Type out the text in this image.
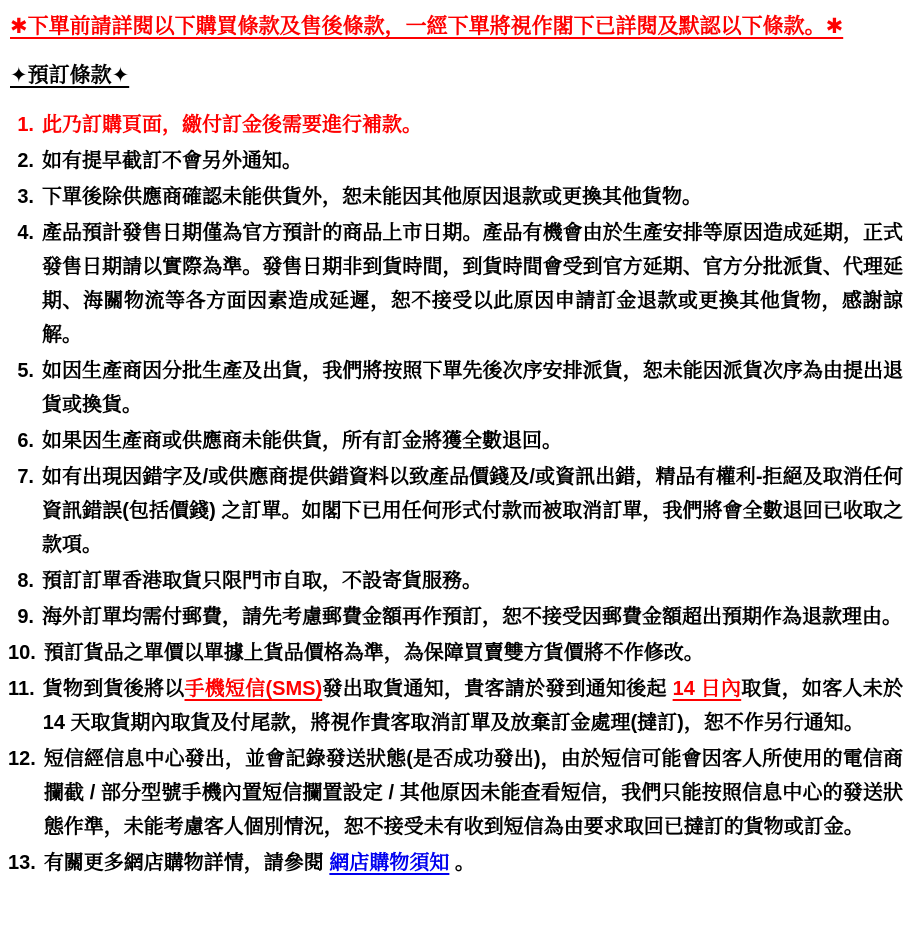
✱下單前請詳閱以下購買條款及售後條款，一經下單將視作閣下已詳閱及默認以下條款。✱
✦預訂條款✦
1. 此乃訂購頁面，繳付訂金後需要進行補款。
2. 如有提早截訂不會另外通知。
3. 下單後除供應商確認未能供貨外，恕未能因其他原因退款或更換其他貨物。
4. 產品預計發售日期僅為官方預計的商品上市日期。產品有機會由於生產安排等原因造成延期，正式發售日期請以實際為準。發售日期非到貨時間，到貨時間會受到官方延期、官方分批派貨、代理延期、海關物流等各方面因素造成延遲，恕不接受以此原因申請訂金退款或更換其他貨物，感謝諒解。
5. 如因生產商因分批生產及出貨，我們將按照下單先後次序安排派貨，恕未能因派貨次序為由提出退貨或換貨。
6. 如果因生產商或供應商未能供貨，所有訂金將獲全數退回。
7. 如有出現因錯字及/或供應商提供錯資料以致產品價錢及/或資訊出錯，精品有權利-拒絕及取消任何資訊錯誤(包括價錢) 之訂單。如閣下已用任何形式付款而被取消訂單，我們將會全數退回已收取之款項。
8. 預訂訂單香港取貨只限門市自取，不設寄貨服務。
9. 海外訂單均需付郵費，請先考慮郵費金額再作預訂，恕不接受因郵費金額超出預期作為退款理由。
10. 預訂貨品之單價以單據上貨品價格為準，為保障買賣雙方貨價將不作修改。
11. 貨物到貨後將以手機短信(SMS)發出取貨通知，貴客請於發到通知後起 14 日內取貨，如客人未於 14 天取貨期內取貨及付尾款，將視作貴客取消訂單及放棄訂金處理(撻訂)，恕不作另行通知。
12. 短信經信息中心發出，並會記錄發送狀態(是否成功發出)，由於短信可能會因客人所使用的電信商攔截 / 部分型號手機內置短信攔置設定 / 其他原因未能查看短信，我們只能按照信息中心的發送狀態作準，未能考慮客人個別情況，恕不接受未有收到短信為由要求取回已撻訂的貨物或訂金。
13. 有關更多網店購物詳情，請參閱 網店購物須知 。
